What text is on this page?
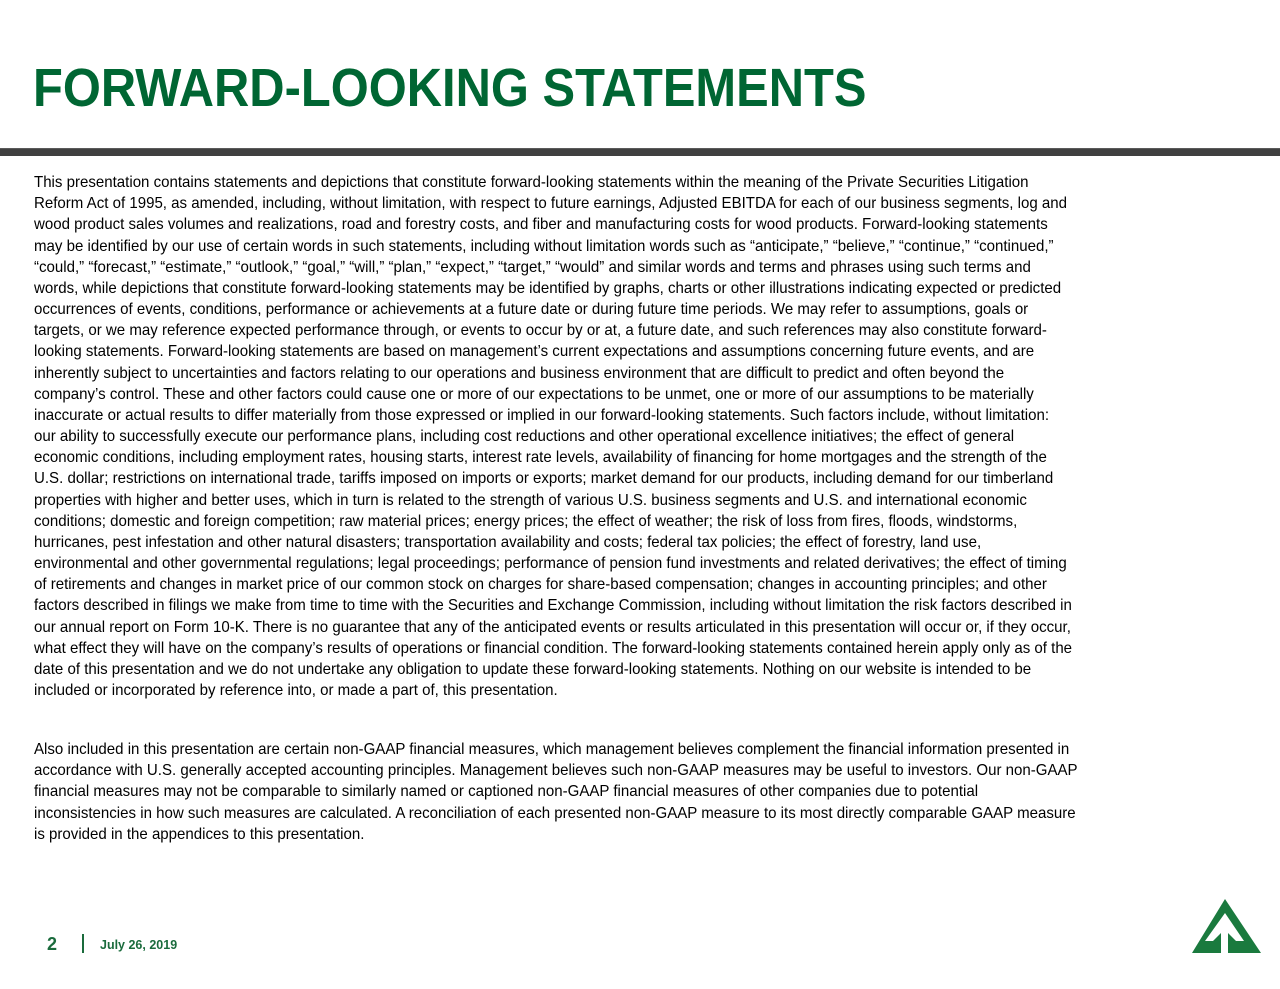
FORWARD-LOOKING STATEMENTS
This presentation contains statements and depictions that constitute forward-looking statements within the meaning of the Private Securities Litigation
Reform Act of 1995, as amended, including, without limitation, with respect to future earnings, Adjusted EBITDA for each of our business segments, log and
wood product sales volumes and realizations, road and forestry costs, and fiber and manufacturing costs for wood products. Forward-looking statements
may be identified by our use of certain words in such statements, including without limitation words such as “anticipate,” “believe,” “continue,” “continued,”
“could,” “forecast,” “estimate,” “outlook,” “goal,” “will,” “plan,” “expect,” “target,” “would” and similar words and terms and phrases using such terms and
words, while depictions that constitute forward-looking statements may be identified by graphs, charts or other illustrations indicating expected or predicted
occurrences of events, conditions, performance or achievements at a future date or during future time periods. We may refer to assumptions, goals or
targets, or we may reference expected performance through, or events to occur by or at, a future date, and such references may also constitute forward-
looking statements. Forward-looking statements are based on management’s current expectations and assumptions concerning future events, and are
inherently subject to uncertainties and factors relating to our operations and business environment that are difficult to predict and often beyond the
company’s control. These and other factors could cause one or more of our expectations to be unmet, one or more of our assumptions to be materially
inaccurate or actual results to differ materially from those expressed or implied in our forward-looking statements. Such factors include, without limitation:
our ability to successfully execute our performance plans, including cost reductions and other operational excellence initiatives; the effect of general
economic conditions, including employment rates, housing starts, interest rate levels, availability of financing for home mortgages and the strength of the
U.S. dollar; restrictions on international trade, tariffs imposed on imports or exports; market demand for our products, including demand for our timberland
properties with higher and better uses, which in turn is related to the strength of various U.S. business segments and U.S. and international economic
conditions; domestic and foreign competition; raw material prices; energy prices; the effect of weather; the risk of loss from fires, floods, windstorms,
hurricanes, pest infestation and other natural disasters; transportation availability and costs; federal tax policies; the effect of forestry, land use,
environmental and other governmental regulations; legal proceedings; performance of pension fund investments and related derivatives; the effect of timing
of retirements and changes in market price of our common stock on charges for share-based compensation; changes in accounting principles; and other
factors described in filings we make from time to time with the Securities and Exchange Commission, including without limitation the risk factors described in
our annual report on Form 10-K. There is no guarantee that any of the anticipated events or results articulated in this presentation will occur or, if they occur,
what effect they will have on the company’s results of operations or financial condition. The forward-looking statements contained herein apply only as of the
date of this presentation and we do not undertake any obligation to update these forward-looking statements. Nothing on our website is intended to be
included or incorporated by reference into, or made a part of, this presentation.
Also included in this presentation are certain non-GAAP financial measures, which management believes complement the financial information presented in
accordance with U.S. generally accepted accounting principles. Management believes such non-GAAP measures may be useful to investors. Our non-GAAP
financial measures may not be comparable to similarly named or captioned non-GAAP financial measures of other companies due to potential
inconsistencies in how such measures are calculated. A reconciliation of each presented non-GAAP measure to its most directly comparable GAAP measure
is provided in the appendices to this presentation.
2	July 26, 2019
